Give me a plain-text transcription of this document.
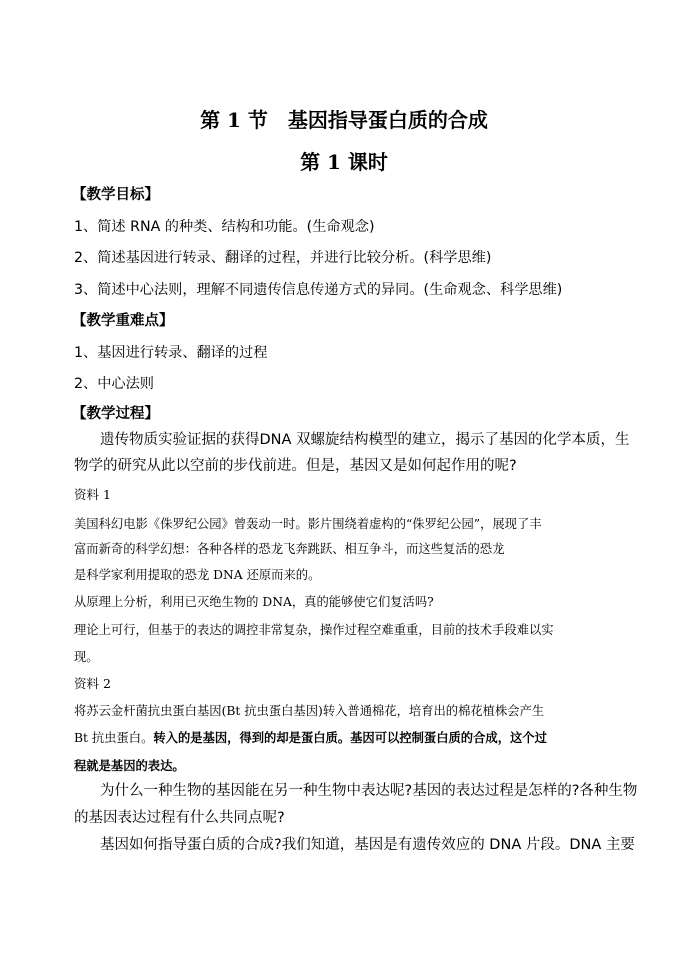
第 1 节　基因指导蛋白质的合成
第 1 课时
【教学目标】
1、简述 RNA 的种类、结构和功能。(生命观念)
2、简述基因进行转录、翻译的过程，并进行比较分析。(科学思维)
3、简述中心法则，理解不同遗传信息传递方式的异同。(生命观念、科学思维)
【教学重难点】
1、基因进行转录、翻译的过程
2、中心法则
【教学过程】
遗传物质实验证据的获得DNA 双螺旋结构模型的建立，揭示了基因的化学本质，生
物学的研究从此以空前的步伐前进。但是，基因又是如何起作用的呢?
资料 1
美国科幻电影《侏罗纪公园》曾轰动一时。影片围绕着虚构的“侏罗纪公园”，展现了丰
富而新奇的科学幻想：各种各样的恐龙飞奔跳跃、相互争斗，而这些复活的恐龙
是科学家利用提取的恐龙 DNA 还原而来的。
从原理上分析，利用已灭绝生物的 DNA，真的能够使它们复活吗?
理论上可行，但基于的表达的调控非常复杂，操作过程空难重重，目前的技术手段难以实
现。
资料 2
将苏云金杆菌抗虫蛋白基因(Bt 抗虫蛋白基因)转入普通棉花，培育出的棉花植株会产生
Bt 抗虫蛋白。转入的是基因，得到的却是蛋白质。基因可以控制蛋白质的合成，这个过
程就是基因的表达。
为什么一种生物的基因能在另一种生物中表达呢?基因的表达过程是怎样的?各种生物
的基因表达过程有什么共同点呢?
基因如何指导蛋白质的合成?我们知道，基因是有遗传效应的 DNA 片段。DNA 主要
